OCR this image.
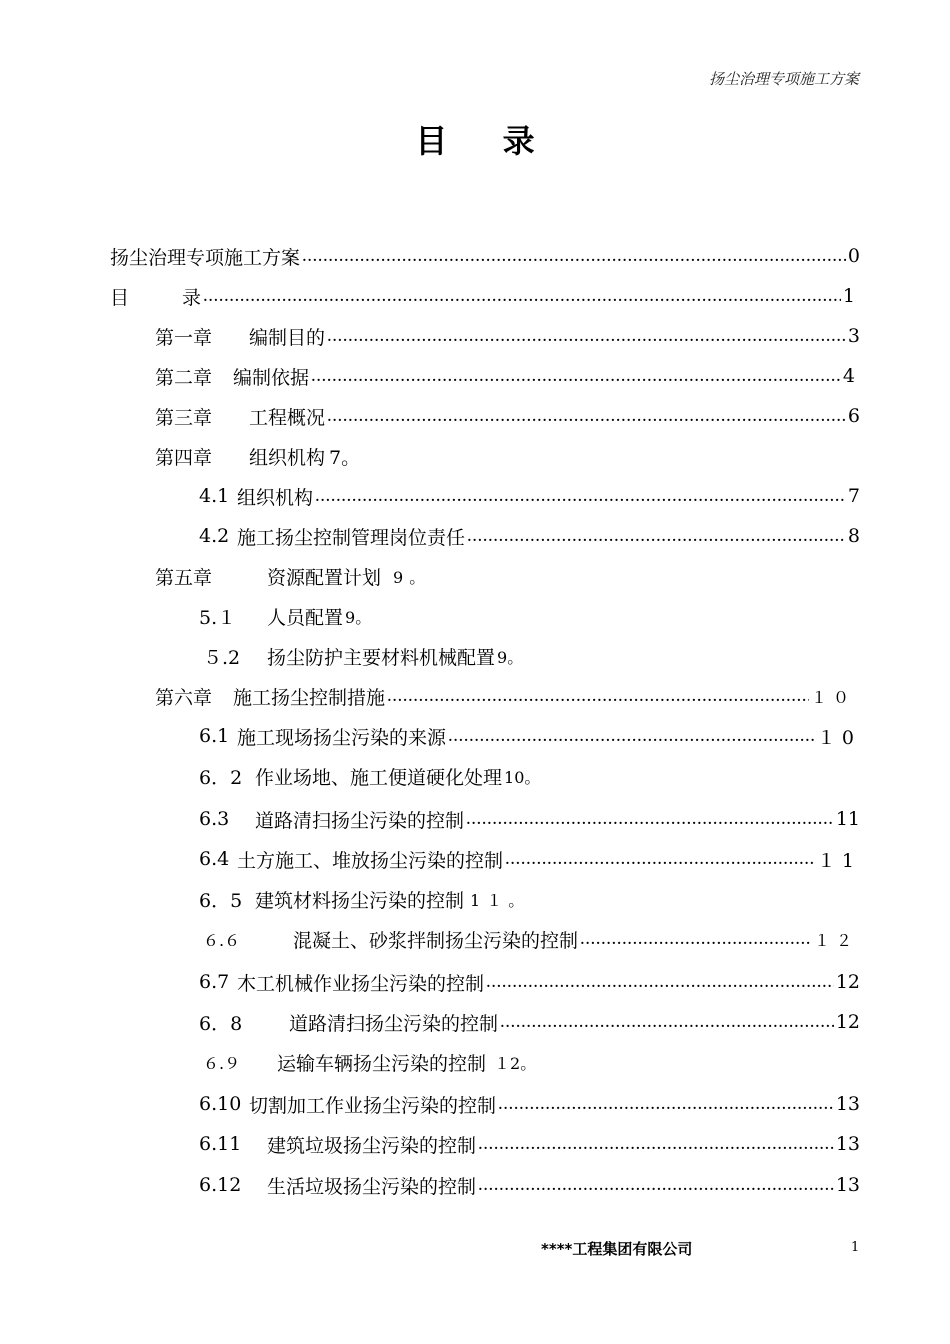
扬尘治理专项施工方案
目 录
扬尘治理专项施工方案 .....	0
目	录 .....	1
第一章	编制目的 .....	3
第二章	编制依据 .....	4
第三章	工程概况 .....	6
第四章	组织机构 7。
4.1 组织机构 .....	7
4.2 施工扬尘控制管理岗位责任 .....	8
第五章	资源配置计划 9。
5.１	人员配置 9。
５.2	扬尘防护主要材料机械配置 9。
第六章	施工扬尘控制措施 .....	１０
6.1 施工现场扬尘污染的来源 .....	１0
6．2 作业场地、施工便道硬化处理 10。
6.3	道路清扫扬尘污染的控制 .....	11
6.4 土方施工、堆放扬尘污染的控制 .....	１1
6．5 建筑材料扬尘污染的控制 1１。
６.６	混凝土、砂浆拌制扬尘污染的控制 .....	１２
6.7 木工机械作业扬尘污染的控制 .....	12
6．8	道路清扫扬尘污染的控制 .....	12
６.９	运输车辆扬尘污染的控制 １2。
6.10 切割加工作业扬尘污染的控制 .....	13
6.11	建筑垃圾扬尘污染的控制 .....	13
6.12	生活垃圾扬尘污染的控制 .....	13
****工程集团有限公司	1
